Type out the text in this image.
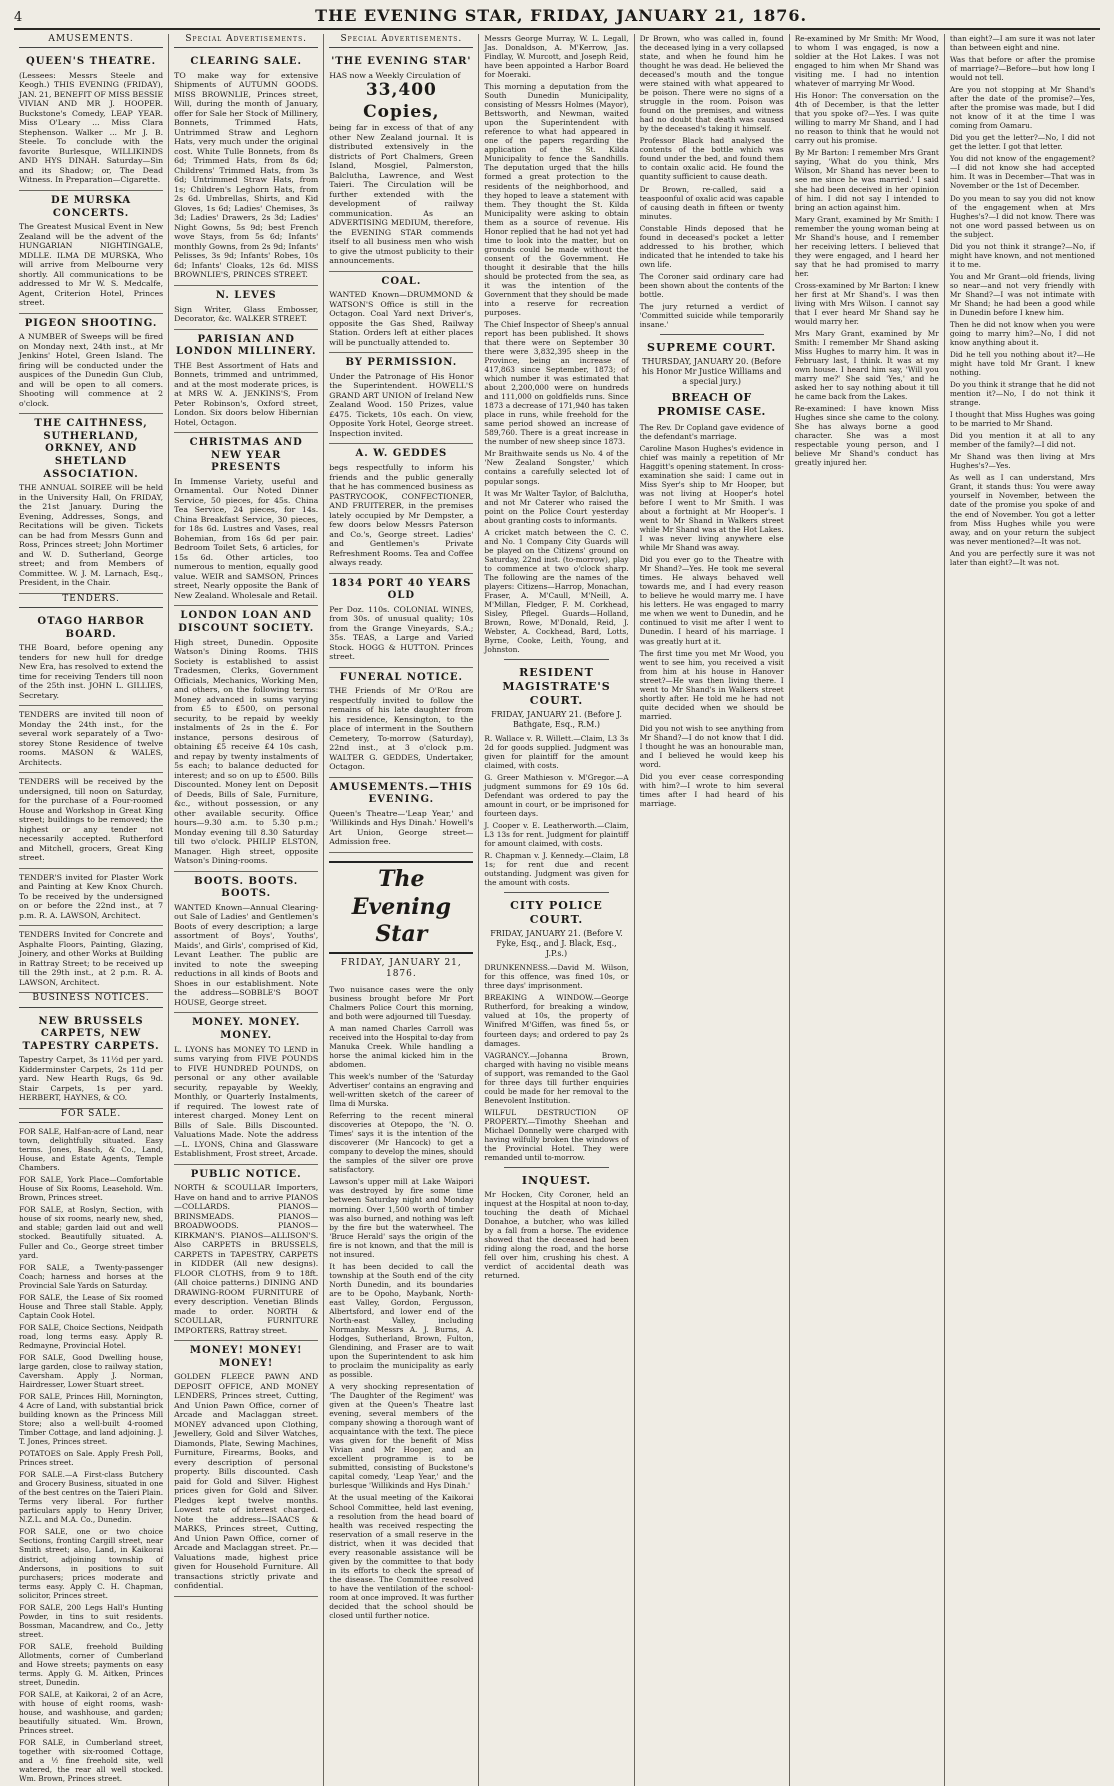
4	THE EVENING STAR, FRIDAY, JANUARY 21, 1876.
AMUSEMENTS.
QUEEN'S THEATRE.
(Lessees: Messrs Steele and Keogh.) THIS EVENING (FRIDAY), JAN. 21, BENEFIT OF MISS BESSIE VIVIAN AND MR J. HOOPER. Buckstone's Comedy, LEAP YEAR. Miss O'Leary ... Miss Clara Stephenson. Walker ... Mr J. B. Steele. To conclude with the favorite Burlesque, WILLIKINDS AND HYS DINAH. Saturday—Sin and its Shadow; or, The Dead Witness. In Preparation—Cigarette.
DE MURSKA CONCERTS.
The Greatest Musical Event in New Zealand will be the advent of the HUNGARIAN NIGHTINGALE, MDLLE. ILMA DE MURSKA, Who will arrive from Melbourne very shortly. All communications to be addressed to Mr W. S. Medcalfe, Agent, Criterion Hotel, Princes street.
PIGEON SHOOTING.
A NUMBER of Sweeps will be fired on Monday next, 24th inst., at Mr Jenkins' Hotel, Green Island. The firing will be conducted under the auspices of the Dunedin Gun Club, and will be open to all comers. Shooting will commence at 2 o'clock.
THE CAITHNESS, SUTHERLAND, ORKNEY, AND SHETLAND ASSOCIATION.
THE ANNUAL SOIREE will be held in the University Hall, On FRIDAY, the 21st January. During the Evening, Addresses, Songs, and Recitations will be given. Tickets can be had from Messrs Gunn and Ross, Princes street; John Mortimer and W. D. Sutherland, George street; and from Members of Committee. W. J. M. Larnach, Esq., President, in the Chair.
TENDERS.
OTAGO HARBOR BOARD.
THE Board, before opening any tenders for new hull for dredge New Era, has resolved to extend the time for receiving Tenders till noon of the 25th inst. JOHN L. GILLIES, Secretary.
TENDERS are invited till noon of Monday the 24th inst., for the several work separately of a Two-storey Stone Residence of twelve rooms. MASON & WALES, Architects.
TENDERS will be received by the undersigned, till noon on Saturday, for the purchase of a Four-roomed House and Workshop in Great King street; buildings to be removed; the highest or any tender not necessarily accepted. Rutherford and Mitchell, grocers, Great King street.
TENDER'S invited for Plaster Work and Painting at Kew Knox Church. To be received by the undersigned on or before the 22nd inst., at 7 p.m. R. A. LAWSON, Architect.
TENDERS Invited for Concrete and Asphalte Floors, Painting, Glazing, Joinery, and other Works at Building in Rattray Street; to be received up till the 29th inst., at 2 p.m. R. A. LAWSON, Architect.
BUSINESS NOTICES.
NEW BRUSSELS CARPETS, NEW TAPESTRY CARPETS.
Tapestry Carpet, 3s 11½d per yard. Kidderminster Carpets, 2s 11d per yard. New Hearth Rugs, 6s 9d. Stair Carpets, 1s per yard. HERBERT, HAYNES, & CO.
FOR SALE.

FOR SALE, Half-an-acre of Land, near town, delightfully situated. Easy terms. Jones, Basch, & Co., Land, House, and Estate Agents, Temple Chambers.

FOR SALE, York Place—Comfortable House of Six Rooms, Leasehold. Wm. Brown, Princes street.

FOR SALE, at Roslyn, Section, with house of six rooms, nearly new, shed, and stable; garden laid out and well stocked. Beautifully situated. A. Fuller and Co., George street timber yard.

FOR SALE, a Twenty-passenger Coach; harness and horses at the Provincial Sale Yards on Saturday.

FOR SALE, the Lease of Six roomed House and Three stall Stable. Apply, Captain Cook Hotel.

FOR SALE, Choice Sections, Neidpath road, long terms easy. Apply R. Redmayne, Provincial Hotel.

FOR SALE, Good Dwelling house, large garden, close to railway station, Caversham. Apply J. Norman, Hairdresser, Lower Stuart street.

FOR SALE, Princes Hill, Mornington, 4 Acre of Land, with substantial brick building known as the Princess Mill Store; also a well-built 4-roomed Timber Cottage, and land adjoining. J. T. Jones, Princes street.

POTATOES on Sale. Apply Fresh Poll, Princes street.

FOR SALE.—A First-class Butchery and Grocery Business, situated in one of the best centres on the Taieri Plain. Terms very liberal. For further particulars apply to Henry Driver, N.Z.L. and M.A. Co., Dunedin.

FOR SALE, one or two choice Sections, fronting Cargill street, near Smith street; also, Land, in Kaikorai district, adjoining township of Andersons, in positions to suit purchasers; prices moderate and terms easy. Apply C. H. Chapman, solicitor, Princes street.

FOR SALE, 200 Legs Hall's Hunting Powder, in tins to suit residents. Bossman, Macandrew, and Co., Jetty street.

FOR SALE, freehold Building Allotments, corner of Cumberland and Howe streets; payments on easy terms. Apply G. M. Aitken, Princes street, Dunedin.

FOR SALE, at Kaikorai, 2 of an Acre, with house of eight rooms, wash-house, and washhouse, and garden; beautifully situated. Wm. Brown, Princes street.

FOR SALE, in Cumberland street, together with six-roomed Cottage, and a ½ fine freehold site, well watered, the rear all well stocked. Wm. Brown, Princes street.

Special Advertisements.
CLEARING SALE.
TO make way for extensive Shipments of AUTUMN GOODS. MISS BROWNLIE, Princes street, Will, during the month of January, offer for Sale her Stock of Millinery, Bonnets, Trimmed Hats, Untrimmed Straw and Leghorn Hats, very much under the original cost. White Tulle Bonnets, from 8s 6d; Trimmed Hats, from 8s 6d; Childrens' Trimmed Hats, from 3s 6d; Untrimmed Straw Hats, from 1s; Children's Leghorn Hats, from 2s 6d. Umbrellas, Shirts, and Kid Gloves, 1s 6d; Ladies' Chemises, 3s 3d; Ladies' Drawers, 2s 3d; Ladies' Night Gowns, 5s 9d; best French wove Stays, from 5s 6d; Infants' monthly Gowns, from 2s 9d; Infants' Pelisses, 3s 9d; Infants' Robes, 10s 6d; Infants' Cloaks, 12s 6d. MISS BROWNLIE'S, PRINCES STREET.
N. LEVES
Sign Writer, Glass Embosser, Decorator, &c. WALKER STREET.
PARISIAN AND LONDON MILLINERY.
THE Best Assortment of Hats and Bonnets, trimmed and untrimmed, and at the most moderate prices, is at MRS W. A. JENKINS'S, From Peter Robinson's, Oxford street, London. Six doors below Hibernian Hotel, Octagon.
CHRISTMAS AND NEW YEAR PRESENTS
In Immense Variety, useful and Ornamental. Our Noted Dinner Service, 50 pieces, for 45s. China Tea Service, 24 pieces, for 14s. China Breakfast Service, 30 pieces, for 18s 6d. Lustres and Vases, real Bohemian, from 16s 6d per pair. Bedroom Toilet Sets, 6 articles, for 15s 6d. Other articles, too numerous to mention, equally good value. WEIR and SAMSON, Princes street, Nearly opposite the Bank of New Zealand. Wholesale and Retail.
LONDON LOAN AND DISCOUNT SOCIETY.
High street, Dunedin. Opposite Watson's Dining Rooms. THIS Society is established to assist Tradesmen, Clerks, Government Officials, Mechanics, Working Men, and others, on the following terms: Money advanced in sums varying from £5 to £500, on personal security, to be repaid by weekly instalments of 2s in the £. For instance, persons desirous of obtaining £5 receive £4 10s cash, and repay by twenty instalments of 5s each; to balance deducted for interest; and so on up to £500. Bills Discounted. Money lent on Deposit of Deeds, Bills of Sale, Furniture, &c., without possession, or any other available security. Office hours—9.30 a.m. to 5.30 p.m.; Monday evening till 8.30 Saturday till two o'clock. PHILIP ELSTON, Manager. High street, opposite Watson's Dining-rooms.
BOOTS. BOOTS. BOOTS.
WANTED Known—Annual Clearing-out Sale of Ladies' and Gentlemen's Boots of every description; a large assortment of Boys', Youths', Maids', and Girls', comprised of Kid, Levant Leather. The public are invited to note the sweeping reductions in all kinds of Boots and Shoes in our establishment. Note the address—SOBBLE'S BOOT HOUSE, George street.
MONEY. MONEY. MONEY.
L. LYONS has MONEY TO LEND in sums varying from FIVE POUNDS to FIVE HUNDRED POUNDS, on personal or any other available security, repayable by Weekly, Monthly, or Quarterly Instalments, if required. The lowest rate of interest charged. Money Lent on Bills of Sale. Bills Discounted. Valuations Made. Note the address—L. LYONS, China and Glassware Establishment, Frost street, Arcade.
PUBLIC NOTICE.
NORTH & SCOULLAR Importers, Have on hand and to arrive PIANOS—COLLARDS. PIANOS—BRINSMEADS. PIANOS—BROADWOODS. PIANOS—KIRKMAN'S. PIANOS—ALLISON'S. Also CARPETS in BRUSSELS, CARPETS in TAPESTRY, CARPETS in KIDDER (All new designs). FLOOR CLOTHS, from 9 to 18ft. (All choice patterns.) DINING AND DRAWING-ROOM FURNITURE of every description. Venetian Blinds made to order. NORTH & SCOULLAR, FURNITURE IMPORTERS, Rattray street.
MONEY! MONEY! MONEY!
GOLDEN FLEECE PAWN AND DEPOSIT OFFICE, AND MONEY LENDERS, Princes street, Cutting, And Union Pawn Office, corner of Arcade and Maclaggan street. MONEY advanced upon Clothing, Jewellery, Gold and Silver Watches, Diamonds, Plate, Sewing Machines, Furniture, Firearms, Books, and every description of personal property. Bills discounted. Cash paid for Gold and Silver. Highest prices given for Gold and Silver. Pledges kept twelve months. Lowest rate of interest charged. Note the address—ISAACS & MARKS, Princes street, Cutting, And Union Pawn Office, corner of Arcade and Maclaggan street. Pr.—Valuations made, highest price given for Household Furniture. All transactions strictly private and confidential.
Special Advertisements.
'THE EVENING STAR'
HAS now a Weekly Circulation of
33,400 Copies,
being far in excess of that of any other New Zealand journal. It is distributed extensively in the districts of Port Chalmers, Green Island, Mosgiel, Palmerston, Balclutha, Lawrence, and West Taieri. The Circulation will be further extended with the development of railway communication. As an ADVERTISING MEDIUM, therefore, the EVENING STAR commends itself to all business men who wish to give the utmost publicity to their announcements.
COAL.
WANTED Known—DRUMMOND & WATSON'S Office is still in the Octagon. Coal Yard next Driver's, opposite the Gas Shed, Railway Station. Orders left at either places will be punctually attended to.
BY PERMISSION.
Under the Patronage of His Honor the Superintendent. HOWELL'S GRAND ART UNION of Ireland New Zealand Wood. 150 Prizes, value £475. Tickets, 10s each. On view, Opposite York Hotel, George street. Inspection invited.
A. W. GEDDES
begs respectfully to inform his friends and the public generally that he has commenced business as PASTRYCOOK, CONFECTIONER, AND FRUITERER, in the premises lately occupied by Mr Dempster, a few doors below Messrs Paterson and Co.'s, George street. Ladies' and Gentlemen's Private Refreshment Rooms. Tea and Coffee always ready.
1834 PORT 40 YEARS OLD
Per Doz. 110s. COLONIAL WINES, from 30s. of unusual quality; 10s from the Grange Vineyards, S.A.; 35s. TEAS, a Large and Varied Stock. HOGG & HUTTON. Princes street.
FUNERAL NOTICE.
THE Friends of Mr O'Rou are respectfully invited to follow the remains of his late daughter from his residence, Kensington, to the place of interment in the Southern Cemetery, To-morrow (Saturday), 22nd inst., at 3 o'clock p.m. WALTER G. GEDDES, Undertaker, Octagon.
AMUSEMENTS.—THIS EVENING.
Queen's Theatre—'Leap Year,' and 'Willikinds and Hys Dinah.' Howell's Art Union, George street—Admission free.
The Evening Star
FRIDAY, JANUARY 21, 1876.

Two nuisance cases were the only business brought before Mr Port Chalmers Police Court this morning, and both were adjourned till Tuesday.

A man named Charles Carroll was received into the Hospital to-day from Manuka Creek. While handling a horse the animal kicked him in the abdomen.

This week's number of the 'Saturday Advertiser' contains an engraving and well-written sketch of the career of Ilma di Murska.

Referring to the recent mineral discoveries at Otepopo, the 'N. O. Times' says it is the intention of the discoverer (Mr Hancock) to get a company to develop the mines, should the samples of the silver ore prove satisfactory.

Lawson's upper mill at Lake Waipori was destroyed by fire some time between Saturday night and Monday morning. Over 1,500 worth of timber was also burned, and nothing was left by the fire but the waterwheel. The 'Bruce Herald' says the origin of the fire is not known, and that the mill is not insured.

It has been decided to call the township at the South end of the city North Dunedin, and its boundaries are to be Opoho, Maybank, North-east Valley, Gordon, Fergusson, Albertsford, and lower end of the North-east Valley, including Normanby. Messrs A. J. Burns, A. Hodges, Sutherland, Brown, Fulton, Glendining, and Fraser are to wait upon the Superintendent to ask him to proclaim the municipality as early as possible.

A very shocking representation of 'The Daughter of the Regiment' was given at the Queen's Theatre last evening, several members of the company showing a thorough want of acquaintance with the text. The piece was given for the benefit of Miss Vivian and Mr Hooper, and an excellent programme is to be submitted, consisting of Buckstone's capital comedy, 'Leap Year,' and the burlesque 'Willikinds and Hys Dinah.'

At the usual meeting of the Kaikorai School Committee, held last evening, a resolution from the head board of health was received respecting the reservation of a small reserve in the district, when it was decided that every reasonable assistance will be given by the committee to that body in its efforts to check the spread of the disease. The Committee resolved to have the ventilation of the school-room at once improved. It was further decided that the school should be closed until further notice.

Messrs George Murray, W. L. Legall, Jas. Donaldson, A. M'Kerrow, Jas. Findlay, W. Murcott, and Joseph Reid, have been appointed a Harbor Board for Moeraki.

This morning a deputation from the South Dunedin Municipality, consisting of Messrs Holmes (Mayor), Bettsworth, and Newman, waited upon the Superintendent with reference to what had appeared in one of the papers regarding the application of the St. Kilda Municipality to fence the Sandhills. The deputation urged that the hills formed a great protection to the residents of the neighborhood, and they hoped to leave a statement with them. They thought the St. Kilda Municipality were asking to obtain them as a source of revenue. His Honor replied that he had not yet had time to look into the matter, but on grounds could be made without the consent of the Government. He thought it desirable that the hills should be protected from the sea, as it was the intention of the Government that they should be made into a reserve for recreation purposes.

The Chief Inspector of Sheep's annual report has been published. It shows that there were on September 30 there were 3,832,395 sheep in the Province, being an increase of 417,863 since September, 1873; of which number it was estimated that about 2,200,000 were on hundreds and 111,000 on goldfields runs. Since 1873 a decrease of 171,940 has taken place in runs, while freehold for the same period showed an increase of 589,760. There is a great increase in the number of new sheep since 1873.

Mr Braithwaite sends us No. 4 of the 'New Zealand Songster,' which contains a carefully selected lot of popular songs.

It was Mr Walter Taylor, of Balclutha, and not Mr Caterer who raised the point on the Police Court yesterday about granting costs to informants.

A cricket match between the C. C. and No. 1 Company City Guards will be played on the Citizens' ground on Saturday, 22nd inst. (to-morrow), play to commence at two o'clock sharp. The following are the names of the players: Citizens—Harrop, Monachan, Fraser, A. M'Caull, M'Neill, A. M'Millan, Fledger, F. M. Corkhead, Sisley, Pflegel. Guards—Holland, Brown, Rowe, M'Donald, Reid, J. Webster, A. Cockhead, Bard, Lotts, Byrne, Cooke, Leith, Young, and Johnston.

RESIDENT MAGISTRATE'S COURT.
FRIDAY, JANUARY 21. (Before J. Bathgate, Esq., R.M.)

R. Wallace v. R. Willett.—Claim, L3 3s 2d for goods supplied. Judgment was given for plaintiff for the amount claimed, with costs.

G. Greer Mathieson v. M'Gregor.—A judgment summons for £9 10s 6d. Defendant was ordered to pay the amount in court, or be imprisoned for fourteen days.

J. Cooper v. E. Leatherworth.—Claim, L3 13s for rent. Judgment for plaintiff for amount claimed, with costs.

R. Chapman v. J. Kennedy.—Claim, L8 1s; for rent due and recent outstanding. Judgment was given for the amount with costs.

CITY POLICE COURT.
FRIDAY, JANUARY 21. (Before V. Fyke, Esq., and J. Black, Esq., J.P.s.)

DRUNKENNESS.—David M. Wilson, for this offence, was fined 10s, or three days' imprisonment.

BREAKING A WINDOW.—George Rutherford, for breaking a window, valued at 10s, the property of Winifred M'Giffen, was fined 5s, or fourteen days; and ordered to pay 2s damages.

VAGRANCY.—Johanna Brown, charged with having no visible means of support, was remanded to the Gaol for three days till further enquiries could be made for her removal to the Benevolent Institution.

WILFUL DESTRUCTION OF PROPERTY.—Timothy Sheehan and Michael Donnelly were charged with having wilfully broken the windows of the Provincial Hotel. They were remanded until to-morrow.

INQUEST.

Mr Hocken, City Coroner, held an inquest at the Hospital at noon to-day, touching the death of Michael Donahoe, a butcher, who was killed by a fall from a horse. The evidence showed that the deceased had been riding along the road, and the horse fell over him, crushing his chest. A verdict of accidental death was returned.

Dr Brown, who was called in, found the deceased lying in a very collapsed state, and when he found him he thought he was dead. He believed the deceased's mouth and the tongue were stained with what appeared to be poison. There were no signs of a struggle in the room. Poison was found on the premises, and witness had no doubt that death was caused by the deceased's taking it himself.

Professor Black had analysed the contents of the bottle which was found under the bed, and found them to contain oxalic acid. He found the quantity sufficient to cause death.

Dr Brown, re-called, said a teaspoonful of oxalic acid was capable of causing death in fifteen or twenty minutes.

Constable Hinds deposed that he found in deceased's pocket a letter addressed to his brother, which indicated that he intended to take his own life.

The Coroner said ordinary care had been shown about the contents of the bottle.

The jury returned a verdict of 'Committed suicide while temporarily insane.'

SUPREME COURT.
THURSDAY, JANUARY 20. (Before his Honor Mr Justice Williams and a special jury.)
BREACH OF PROMISE CASE.

The Rev. Dr Copland gave evidence of the defendant's marriage.

Caroline Mason Hughes's evidence in chief was mainly a repetition of Mr Haggitt's opening statement. In cross-examination she said: I came out in Miss Syer's ship to Mr Hooper, but was not living at Hooper's hotel before I went to Mr Smith. I was about a fortnight at Mr Hooper's. I went to Mr Shand in Walkers street while Mr Shand was at the Hot Lakes. I was never living anywhere else while Mr Shand was away.

Did you ever go to the Theatre with Mr Shand?—Yes. He took me several times. He always behaved well towards me, and I had every reason to believe he would marry me. I have his letters. He was engaged to marry me when we went to Dunedin, and he continued to visit me after I went to Dunedin. I heard of his marriage. I was greatly hurt at it.

The first time you met Mr Wood, you went to see him, you received a visit from him at his house in Hanover street?—He was then living there. I went to Mr Shand's in Walkers street shortly after. He told me he had not quite decided when we should be married.

Did you not wish to see anything from Mr Shand?—I do not know that I did. I thought he was an honourable man, and I believed he would keep his word.

Did you ever cease corresponding with him?—I wrote to him several times after I had heard of his marriage.

Re-examined by Mr Smith: Mr Wood, to whom I was engaged, is now a soldier at the Hot Lakes. I was not engaged to him when Mr Shand was visiting me. I had no intention whatever of marrying Mr Wood.

His Honor: The conversation on the 4th of December, is that the letter that you spoke of?—Yes. I was quite willing to marry Mr Shand, and I had no reason to think that he would not carry out his promise.

By Mr Barton: I remember Mrs Grant saying, 'What do you think, Mrs Wilson, Mr Shand has never been to see me since he was married.' I said she had been deceived in her opinion of him. I did not say I intended to bring an action against him.

Mary Grant, examined by Mr Smith: I remember the young woman being at Mr Shand's house, and I remember her receiving letters. I believed that they were engaged, and I heard her say that he had promised to marry her.

Cross-examined by Mr Barton: I knew her first at Mr Shand's. I was then living with Mrs Wilson. I cannot say that I ever heard Mr Shand say he would marry her.

Mrs Mary Grant, examined by Mr Smith: I remember Mr Shand asking Miss Hughes to marry him. It was in February last, I think. It was at my own house. I heard him say, 'Will you marry me?' She said 'Yes,' and he asked her to say nothing about it till he came back from the Lakes.

Re-examined: I have known Miss Hughes since she came to the colony. She has always borne a good character. She was a most respectable young person, and I believe Mr Shand's conduct has greatly injured her.

than eight?—I am sure it was not later than between eight and nine.

Was that before or after the promise of marriage?—Before—but how long I would not tell.

Are you not stopping at Mr Shand's after the date of the promise?—Yes, after the promise was made, but I did not know of it at the time I was coming from Oamaru.

Did you get the letter?—No, I did not get the letter. I got that letter.

You did not know of the engagement?—I did not know she had accepted him. It was in December—That was in November or the 1st of December.

Do you mean to say you did not know of the engagement when at Mrs Hughes's?—I did not know. There was not one word passed between us on the subject.

Did you not think it strange?—No, if might have known, and not mentioned it to me.

You and Mr Grant—old friends, living so near—and not very friendly with Mr Shand?—I was not intimate with Mr Shand; he had been a good while in Dunedin before I knew him.

Then he did not know when you were going to marry him?—No, I did not know anything about it.

Did he tell you nothing about it?—He might have told Mr Grant. I knew nothing.

Do you think it strange that he did not mention it?—No, I do not think it strange.

I thought that Miss Hughes was going to be married to Mr Shand.

Did you mention it at all to any member of the family?—I did not.

Mr Shand was then living at Mrs Hughes's?—Yes.

As well as I can understand, Mrs Grant, it stands thus: You were away yourself in November, between the date of the promise you spoke of and the end of November. You got a letter from Miss Hughes while you were away, and on your return the subject was never mentioned?—It was not.

And you are perfectly sure it was not later than eight?—It was not.
